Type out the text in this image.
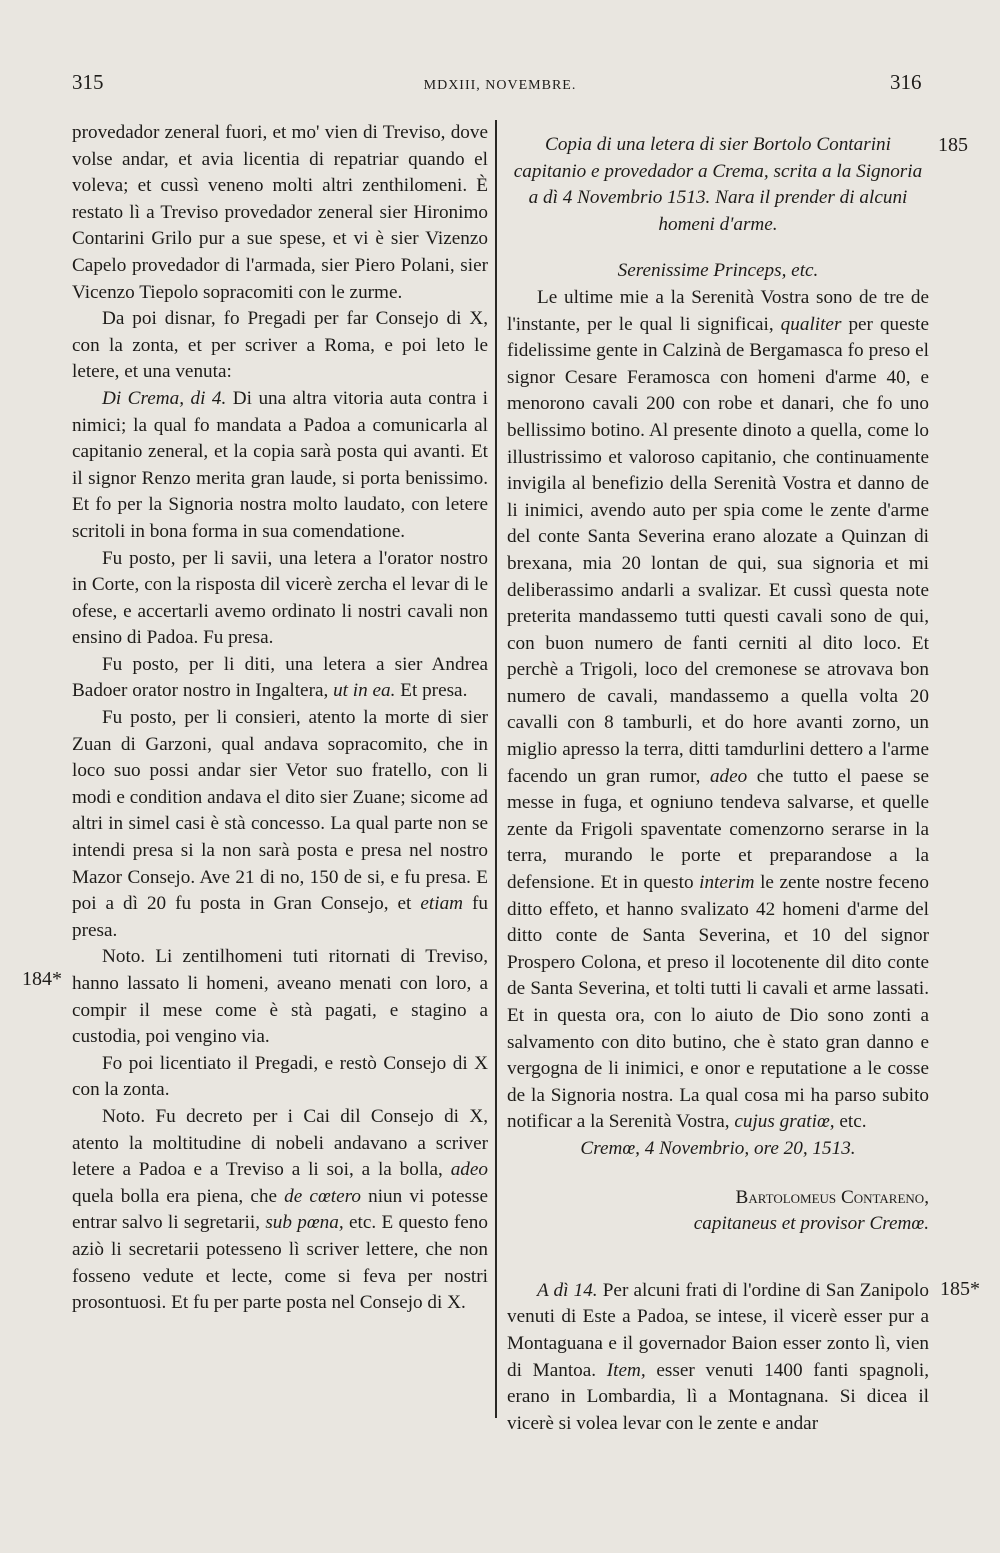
315	MDXIII, NOVEMBRE.	316
184*
185
185*

provedador zeneral fuori, et mo' vien di Treviso, dove volse andar, et avia licentia di repatriar quando el voleva; et cussì veneno molti altri zenthilomeni. È restato lì a Treviso provedador zeneral sier Hironimo Contarini Grilo pur a sue spese, et vi è sier Vizenzo Capelo provedador di l'armada, sier Piero Polani, sier Vicenzo Tiepolo sopracomiti con le zurme.

Da poi disnar, fo Pregadi per far Consejo di X, con la zonta, et per scriver a Roma, e poi leto le letere, et una venuta:

Di Crema, di 4. Di una altra vitoria auta contra i nimici; la qual fo mandata a Padoa a comunicarla al capitanio zeneral, et la copia sarà posta qui avanti. Et il signor Renzo merita gran laude, si porta benissimo. Et fo per la Signoria nostra molto laudato, con letere scritoli in bona forma in sua comendatione.

Fu posto, per li savii, una letera a l'orator nostro in Corte, con la risposta dil vicerè zercha el levar di le ofese, e accertarli avemo ordinato li nostri cavali non ensino di Padoa. Fu presa.

Fu posto, per li diti, una letera a sier Andrea Badoer orator nostro in Ingaltera, ut in ea. Et presa.

Fu posto, per li consieri, atento la morte di sier Zuan di Garzoni, qual andava sopracomito, che in loco suo possi andar sier Vetor suo fratello, con li modi e condition andava el dito sier Zuane; sicome ad altri in simel casi è stà concesso. La qual parte non se intendi presa si la non sarà posta e presa nel nostro Mazor Consejo. Ave 21 di no, 150 de si, e fu presa. E poi a dì 20 fu posta in Gran Consejo, et etiam fu presa.

Noto. Li zentilhomeni tuti ritornati di Treviso, hanno lassato li homeni, aveano menati con loro, a compir il mese come è stà pagati, e stagino a custodia, poi vengino via.

Fo poi licentiato il Pregadi, e restò Consejo di X con la zonta.

Noto. Fu decreto per i Cai dil Consejo di X, atento la moltitudine di nobeli andavano a scriver letere a Padoa e a Treviso a li soi, a la bolla, adeo quela bolla era piena, che de cœtero niun vi potesse entrar salvo li segretarii, sub pœna, etc. E questo feno aziò li secretarii potesseno lì scriver lettere, che non fosseno vedute et lecte, come si feva per nostri prosontuosi. Et fu per parte posta nel Consejo di X.

Copia di una letera di sier Bortolo Contarini capitanio e provedador a Crema, scrita a la Signoria a dì 4 Novembrio 1513. Nara il prender di alcuni homeni d'arme.

Serenissime Princeps, etc.

Le ultime mie a la Serenità Vostra sono de tre de l'instante, per le qual li significai, qualiter per queste fidelissime gente in Calzinà de Bergamasca fo preso el signor Cesare Feramosca con homeni d'arme 40, e menorono cavali 200 con robe et danari, che fo uno bellissimo botino. Al presente dinoto a quella, come lo illustrissimo et valoroso capitanio, che continuamente invigila al benefizio della Serenità Vostra et danno de li inimici, avendo auto per spia come le zente d'arme del conte Santa Severina erano alozate a Quinzan di brexana, mia 20 lontan de qui, sua signoria et mi deliberassimo andarli a svalizar. Et cussì questa note preterita mandassemo tutti questi cavali sono de qui, con buon numero de fanti cerniti al dito loco. Et perchè a Trigoli, loco del cremonese se atrovava bon numero de cavali, mandassemo a quella volta 20 cavalli con 8 tamburli, et do hore avanti zorno, un miglio apresso la terra, ditti tamdurlini dettero a l'arme facendo un gran rumor, adeo che tutto el paese se messe in fuga, et ogniuno tendeva salvarse, et quelle zente da Frigoli spaventate comenzorno serarse in la terra, murando le porte et preparandose a la defensione. Et in questo interim le zente nostre feceno ditto effeto, et hanno svalizato 42 homeni d'arme del ditto conte de Santa Severina, et 10 del signor Prospero Colona, et preso il locotenente dil dito conte de Santa Severina, et tolti tutti li cavali et arme lassati. Et in questa ora, con lo aiuto de Dio sono zonti a salvamento con dito butino, che è stato gran danno e vergogna de li inimici, e onor e reputatione a le cosse de la Signoria nostra. La qual cosa mi ha parso subito notificar a la Serenità Vostra, cujus gratiœ, etc.

Cremœ, 4 Novembrio, ore 20, 1513.

Bartolomeus Contareno,

capitaneus et provisor Cremœ.

A dì 14. Per alcuni frati di l'ordine di San Zanipolo venuti di Este a Padoa, se intese, il vicerè esser pur a Montaguana e il governador Baion esser zonto lì, vien di Mantoa. Item, esser venuti 1400 fanti spagnoli, erano in Lombardia, lì a Montagnana. Si dicea il vicerè si volea levar con le zente e andar
